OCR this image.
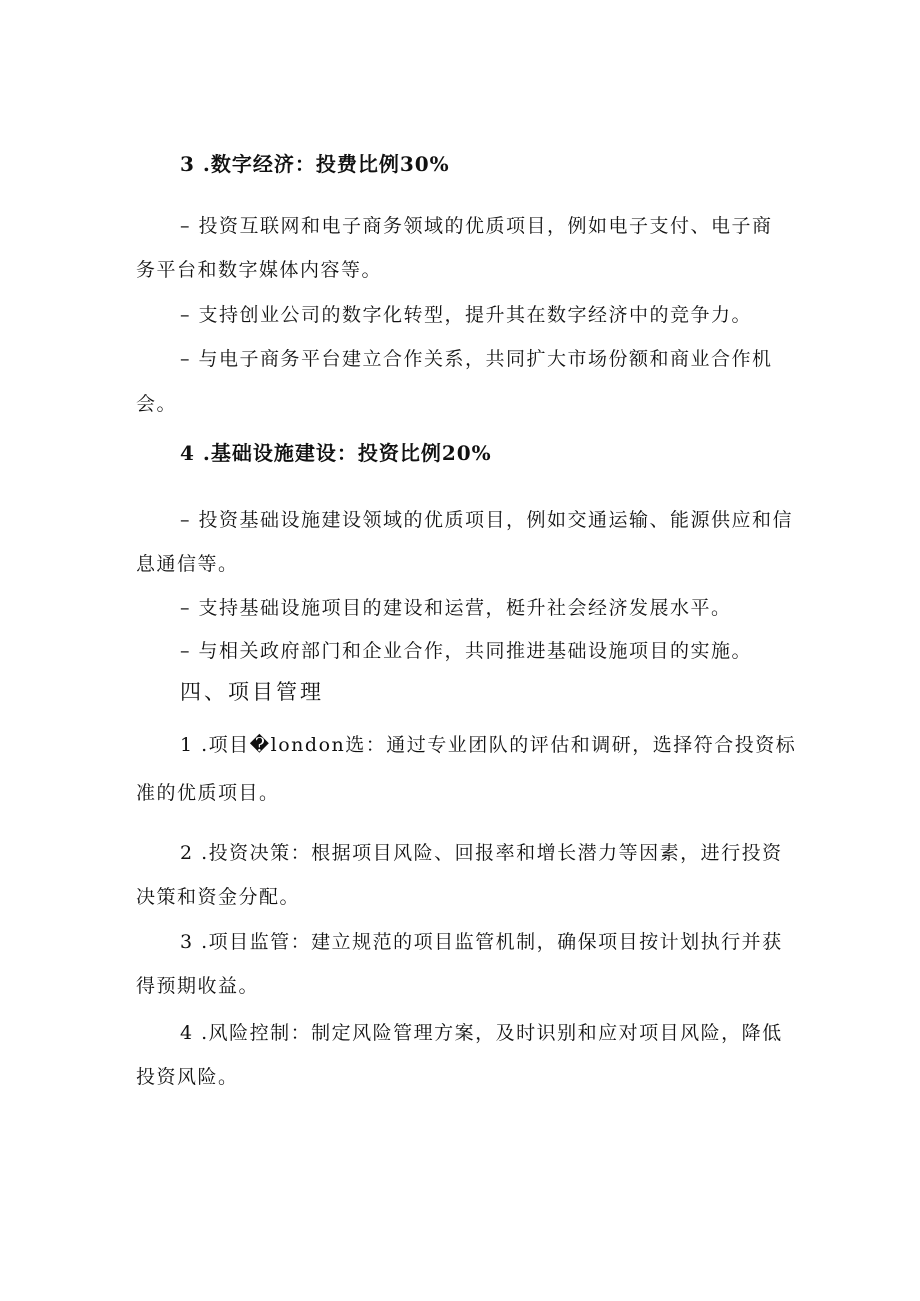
3 .数字经济：投费比例30%
– 投资互联网和电子商务领域的优质项目，例如电子支付、电子商
务平台和数字媒体内容等。
– 支持创业公司的数字化转型，提升其在数字经济中的竞争力。
– 与电子商务平台建立合作关系，共同扩大市场份额和商业合作机
会。
4 .基础设施建设：投资比例20%
– 投资基础设施建设领域的优质项目，例如交通运输、能源供应和信
息通信等。
– 支持基础设施项目的建设和运营，梃升社会经济发展水平。
– 与相关政府部门和企业合作，共同推进基础设施项目的实施。
四、项目管理
1 .项目�london选：通过专业团队的评估和调研，选择符合投资标
准的优质项目。
2 .投资决策：根据项目风险、回报率和增长潜力等因素，进行投资
决策和资金分配。
3 .项目监管：建立规范的项目监管机制，确保项目按计划执行并获
得预期收益。
4 .风险控制：制定风险管理方案，及时识别和应对项目风险，降低
投资风险。
